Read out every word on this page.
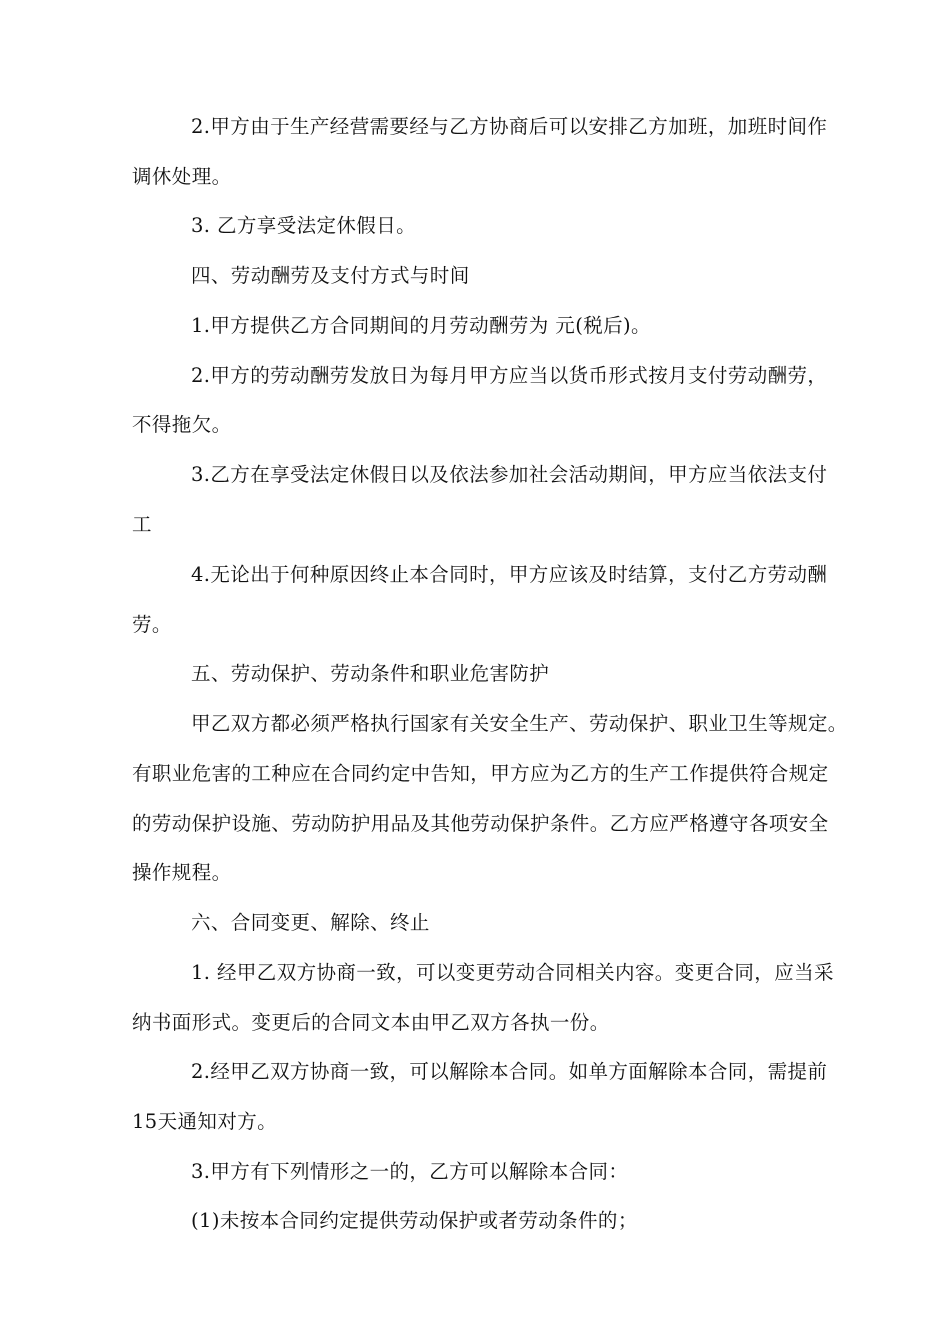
2.甲方由于生产经营需要经与乙方协商后可以安排乙方加班，加班时间作
调休处理。
3. 乙方享受法定休假日。
四、劳动酬劳及支付方式与时间
1.甲方提供乙方合同期间的月劳动酬劳为 元(税后)。
2.甲方的劳动酬劳发放日为每月甲方应当以货币形式按月支付劳动酬劳，
不得拖欠。
3.乙方在享受法定休假日以及依法参加社会活动期间，甲方应当依法支付
工
4.无论出于何种原因终止本合同时，甲方应该及时结算，支付乙方劳动酬
劳。
五、劳动保护、劳动条件和职业危害防护
甲乙双方都必须严格执行国家有关安全生产、劳动保护、职业卫生等规定。
有职业危害的工种应在合同约定中告知，甲方应为乙方的生产工作提供符合规定
的劳动保护设施、劳动防护用品及其他劳动保护条件。乙方应严格遵守各项安全
操作规程。
六、合同变更、解除、终止
1. 经甲乙双方协商一致，可以变更劳动合同相关内容。变更合同，应当采
纳书面形式。变更后的合同文本由甲乙双方各执一份。
2.经甲乙双方协商一致，可以解除本合同。如单方面解除本合同，需提前
15天通知对方。
3.甲方有下列情形之一的，乙方可以解除本合同：
(1)未按本合同约定提供劳动保护或者劳动条件的；
